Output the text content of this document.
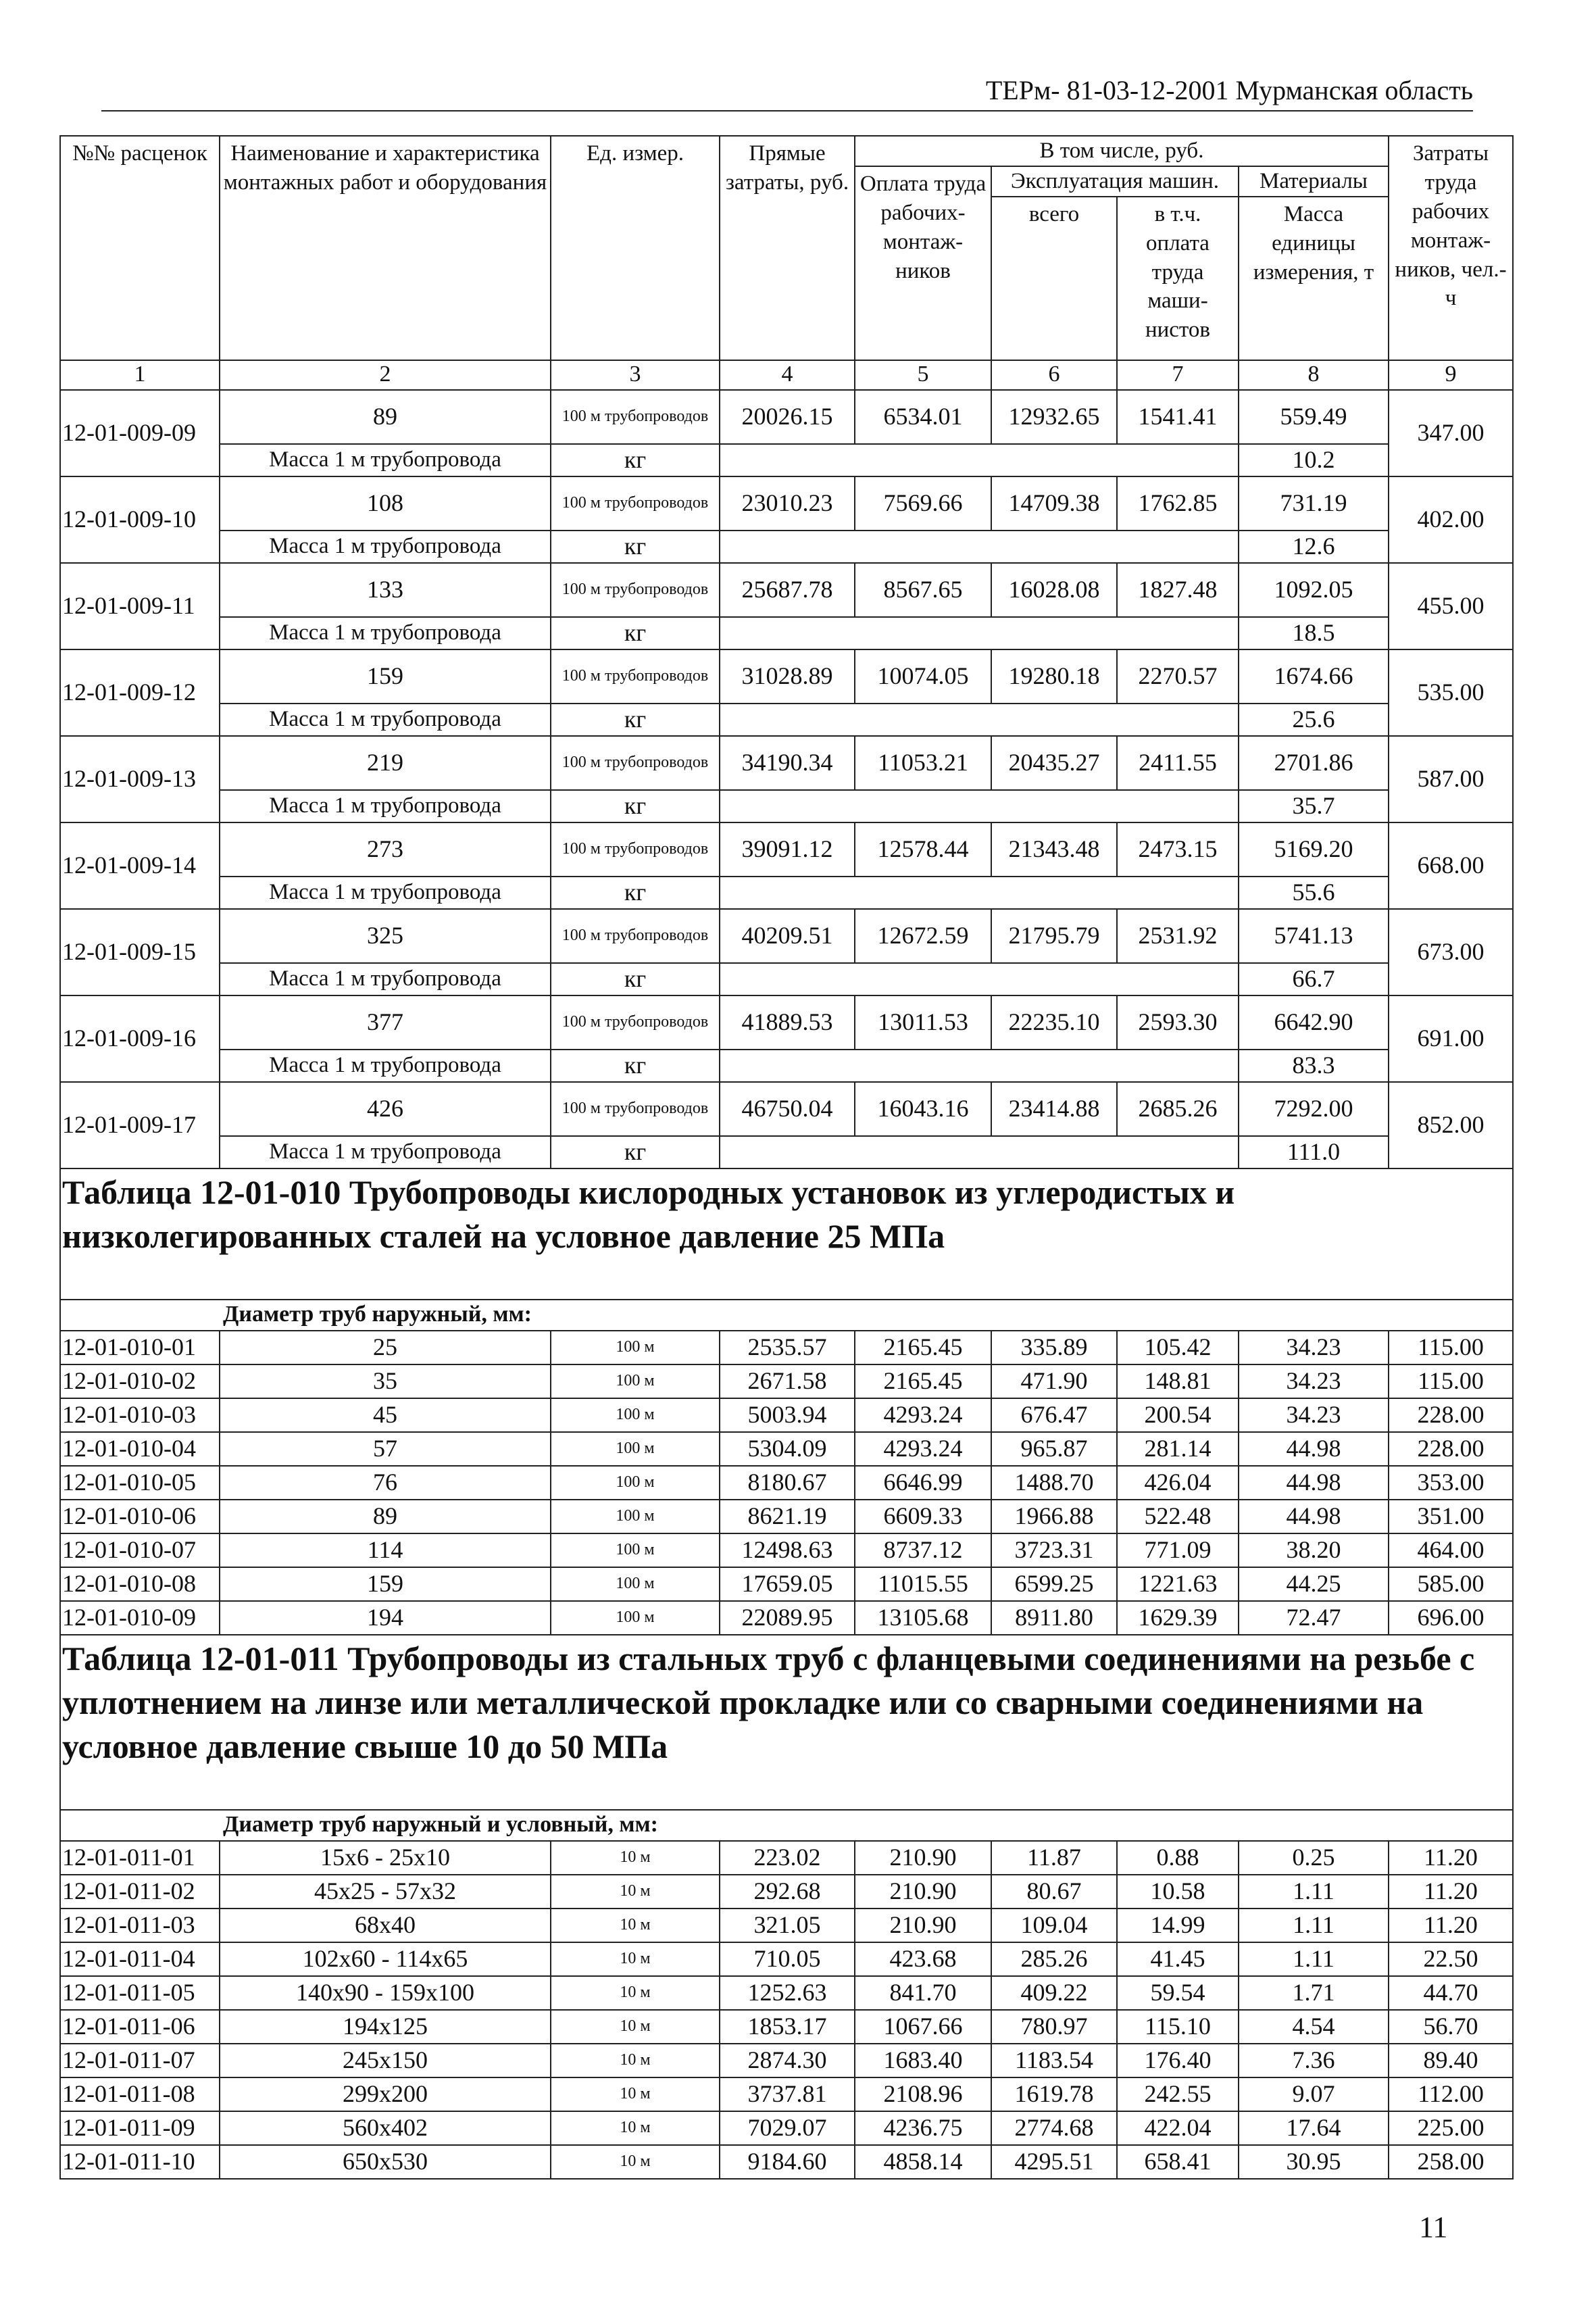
ТЕРм- 81-03-12-2001 Мурманская область
№№ расценок	Наименование и характеристика монтажных работ и оборудования	Ед. измер.	Прямые затраты, руб.	В том числе, руб.				Затраты труда рабочих монтаж-ников, чел.-ч
				Оплата труда рабочих-монтаж-ников	Эксплуатация машин.		Материалы	
					всего	в т.ч. оплата труда маши-нистов	Масса единицы измерения, т	
1	2	3	4	5	6	7	8	9
12-01-009-09	89	100 м трубопроводов	20026.15	6534.01	12932.65	1541.41	559.49	347.00
	Масса 1 м трубопровода	кг					10.2	
12-01-009-10	108	100 м трубопроводов	23010.23	7569.66	14709.38	1762.85	731.19	402.00
	Масса 1 м трубопровода	кг					12.6	
12-01-009-11	133	100 м трубопроводов	25687.78	8567.65	16028.08	1827.48	1092.05	455.00
	Масса 1 м трубопровода	кг					18.5	
12-01-009-12	159	100 м трубопроводов	31028.89	10074.05	19280.18	2270.57	1674.66	535.00
	Масса 1 м трубопровода	кг					25.6	
12-01-009-13	219	100 м трубопроводов	34190.34	11053.21	20435.27	2411.55	2701.86	587.00
	Масса 1 м трубопровода	кг					35.7	
12-01-009-14	273	100 м трубопроводов	39091.12	12578.44	21343.48	2473.15	5169.20	668.00
	Масса 1 м трубопровода	кг					55.6	
12-01-009-15	325	100 м трубопроводов	40209.51	12672.59	21795.79	2531.92	5741.13	673.00
	Масса 1 м трубопровода	кг					66.7	
12-01-009-16	377	100 м трубопроводов	41889.53	13011.53	22235.10	2593.30	6642.90	691.00
	Масса 1 м трубопровода	кг					83.3	
12-01-009-17	426	100 м трубопроводов	46750.04	16043.16	23414.88	2685.26	7292.00	852.00
	Масса 1 м трубопровода	кг					111.0	
Таблица 12-01-010 Трубопроводы кислородных установок из углеродистых и низколегированных сталей на условное давление 25 МПа								

Диаметр труб наружный, мм:								
12-01-010-01	25	100 м	2535.57	2165.45	335.89	105.42	34.23	115.00
12-01-010-02	35	100 м	2671.58	2165.45	471.90	148.81	34.23	115.00
12-01-010-03	45	100 м	5003.94	4293.24	676.47	200.54	34.23	228.00
12-01-010-04	57	100 м	5304.09	4293.24	965.87	281.14	44.98	228.00
12-01-010-05	76	100 м	8180.67	6646.99	1488.70	426.04	44.98	353.00
12-01-010-06	89	100 м	8621.19	6609.33	1966.88	522.48	44.98	351.00
12-01-010-07	114	100 м	12498.63	8737.12	3723.31	771.09	38.20	464.00
12-01-010-08	159	100 м	17659.05	11015.55	6599.25	1221.63	44.25	585.00
12-01-010-09	194	100 м	22089.95	13105.68	8911.80	1629.39	72.47	696.00
Таблица 12-01-011 Трубопроводы из стальных труб с фланцевыми соединениями на резьбе с уплотнением на линзе или металлической прокладке или со сварными соединениями на условное давление свыше 10 до 50 МПа								

Диаметр труб наружный и условный, мм:								
12-01-011-01	15x6 - 25x10	10 м	223.02	210.90	11.87	0.88	0.25	11.20
12-01-011-02	45x25 - 57x32	10 м	292.68	210.90	80.67	10.58	1.11	11.20
12-01-011-03	68x40	10 м	321.05	210.90	109.04	14.99	1.11	11.20
12-01-011-04	102x60 - 114x65	10 м	710.05	423.68	285.26	41.45	1.11	22.50
12-01-011-05	140x90 - 159x100	10 м	1252.63	841.70	409.22	59.54	1.71	44.70
12-01-011-06	194x125	10 м	1853.17	1067.66	780.97	115.10	4.54	56.70
12-01-011-07	245x150	10 м	2874.30	1683.40	1183.54	176.40	7.36	89.40
12-01-011-08	299x200	10 м	3737.81	2108.96	1619.78	242.55	9.07	112.00
12-01-011-09	560x402	10 м	7029.07	4236.75	2774.68	422.04	17.64	225.00
12-01-011-10	650x530	10 м	9184.60	4858.14	4295.51	658.41	30.95	258.00
11
